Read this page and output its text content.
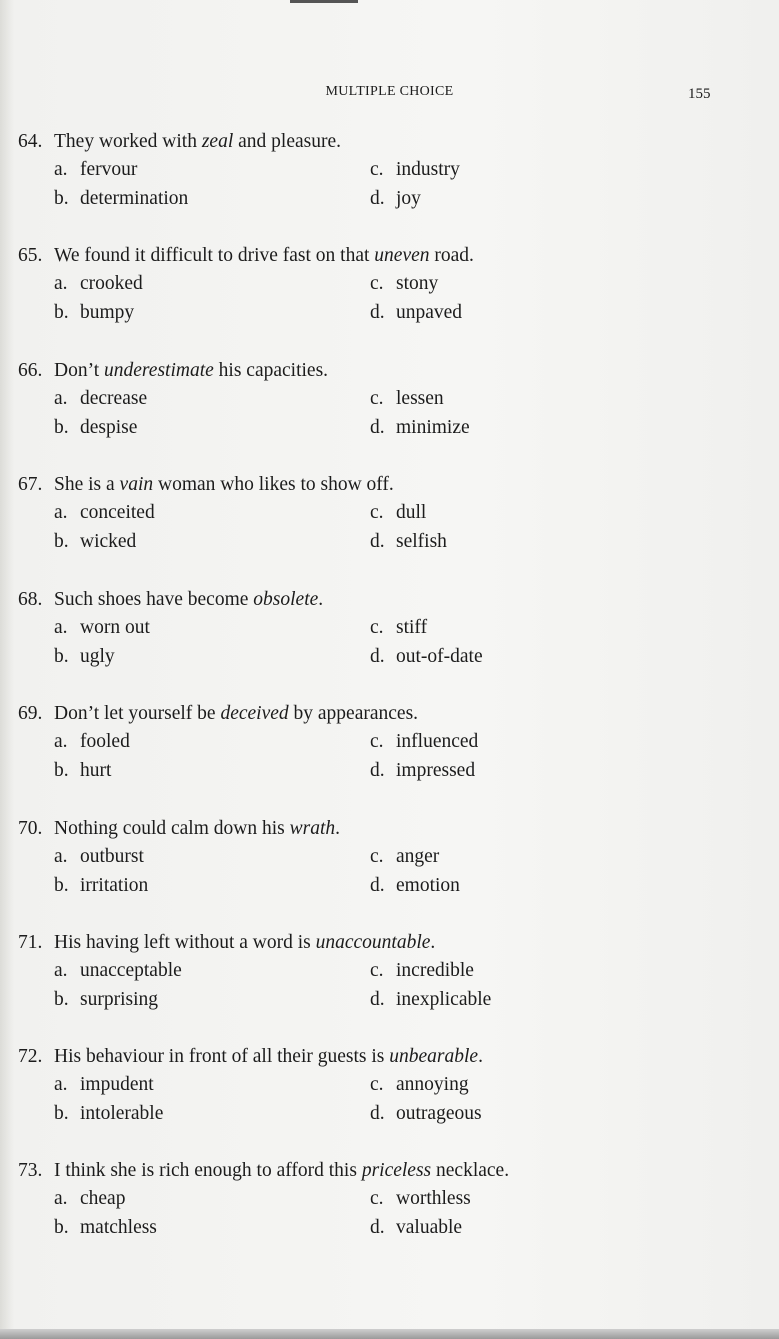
MULTIPLE CHOICE	155
64. They worked with zeal and pleasure.
a. fervour	c. industry
b. determination	d. joy
65. We found it difficult to drive fast on that uneven road.
a. crooked	c. stony
b. bumpy	d. unpaved
66. Don’t underestimate his capacities.
a. decrease	c. lessen
b. despise	d. minimize
67. She is a vain woman who likes to show off.
a. conceited	c. dull
b. wicked	d. selfish
68. Such shoes have become obsolete.
a. worn out	c. stiff
b. ugly	d. out-of-date
69. Don’t let yourself be deceived by appearances.
a. fooled	c. influenced
b. hurt	d. impressed
70. Nothing could calm down his wrath.
a. outburst	c. anger
b. irritation	d. emotion
71. His having left without a word is unaccountable.
a. unacceptable	c. incredible
b. surprising	d. inexplicable
72. His behaviour in front of all their guests is unbearable.
a. impudent	c. annoying
b. intolerable	d. outrageous
73. I think she is rich enough to afford this priceless necklace.
a. cheap	c. worthless
b. matchless	d. valuable
